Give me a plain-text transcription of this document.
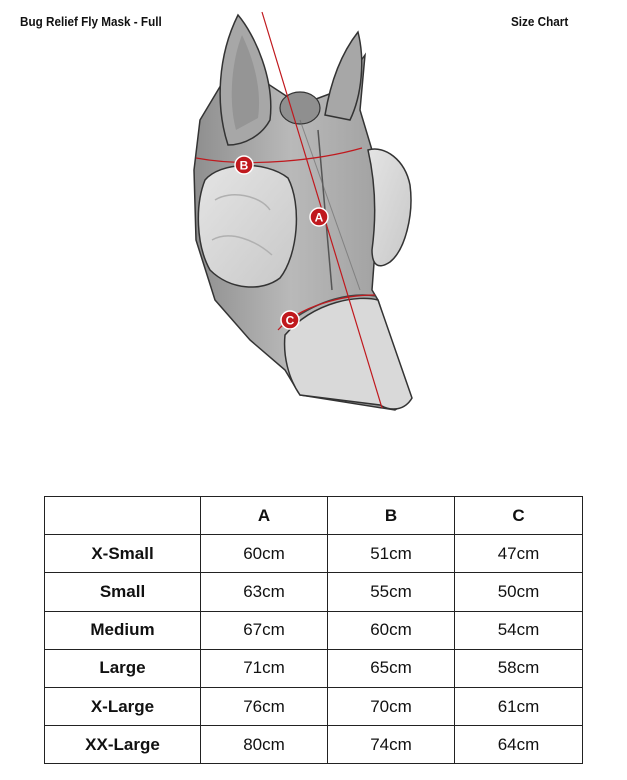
Bug Relief Fly Mask - Full	Size Chart
A
B
C
	A	B	C
X-Small	60cm	51cm	47cm
Small	63cm	55cm	50cm
Medium	67cm	60cm	54cm
Large	71cm	65cm	58cm
X-Large	76cm	70cm	61cm
XX-Large	80cm	74cm	64cm
